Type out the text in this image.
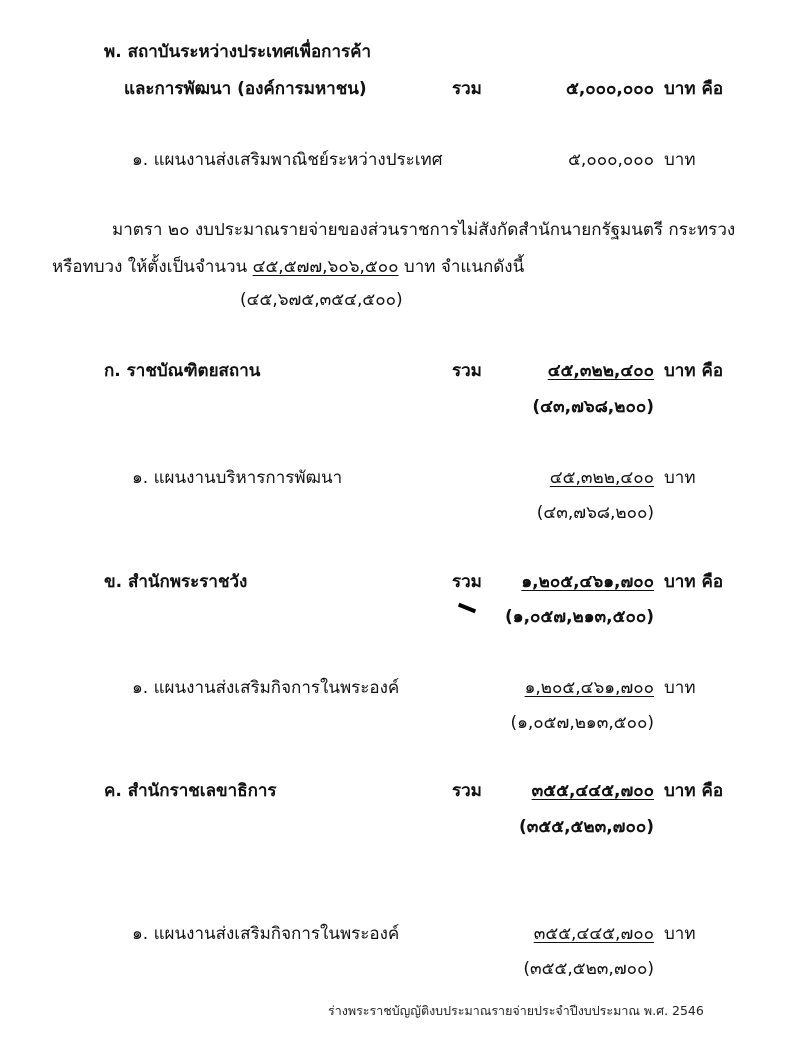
พ. สถาบันระหว่างประเทศเพื่อการค้า
และการพัฒนา (องค์การมหาชน)	รวม	๕,๐๐๐,๐๐๐ บาท คือ
๑. แผนงานส่งเสริมพาณิชย์ระหว่างประเทศ	๕,๐๐๐,๐๐๐ บาท
มาตรา ๒๐ งบประมาณรายจ่ายของส่วนราชการไม่สังกัดสำนักนายกรัฐมนตรี กระทรวง
หรือทบวง ให้ตั้งเป็นจำนวน ๔๕,๕๗๗,๖๐๖,๕๐๐ บาท จำแนกดังนี้
(๔๕,๖๗๕,๓๕๔,๕๐๐)
ก. ราชบัณฑิตยสถาน	รวม	๔๕,๓๒๒,๔๐๐ บาท คือ
(๔๓,๗๖๘,๒๐๐)
๑. แผนงานบริหารการพัฒนา	๔๕,๓๒๒,๔๐๐ บาท
(๔๓,๗๖๘,๒๐๐)
ข. สำนักพระราชวัง	รวม	๑,๒๐๕,๔๖๑,๗๐๐ บาท คือ
(๑,๐๕๗,๒๑๓,๕๐๐)
๑. แผนงานส่งเสริมกิจการในพระองค์	๑,๒๐๕,๔๖๑,๗๐๐ บาท
(๑,๐๕๗,๒๑๓,๕๐๐)
ค. สำนักราชเลขาธิการ	รวม	๓๕๕,๔๔๕,๗๐๐ บาท คือ
(๓๕๕,๕๒๓,๗๐๐)
๑. แผนงานส่งเสริมกิจการในพระองค์	๓๕๕,๔๔๕,๗๐๐ บาท
(๓๕๕,๕๒๓,๗๐๐)
ร่างพระราชบัญญัติงบประมาณรายจ่ายประจำปีงบประมาณ พ.ศ. 2546
